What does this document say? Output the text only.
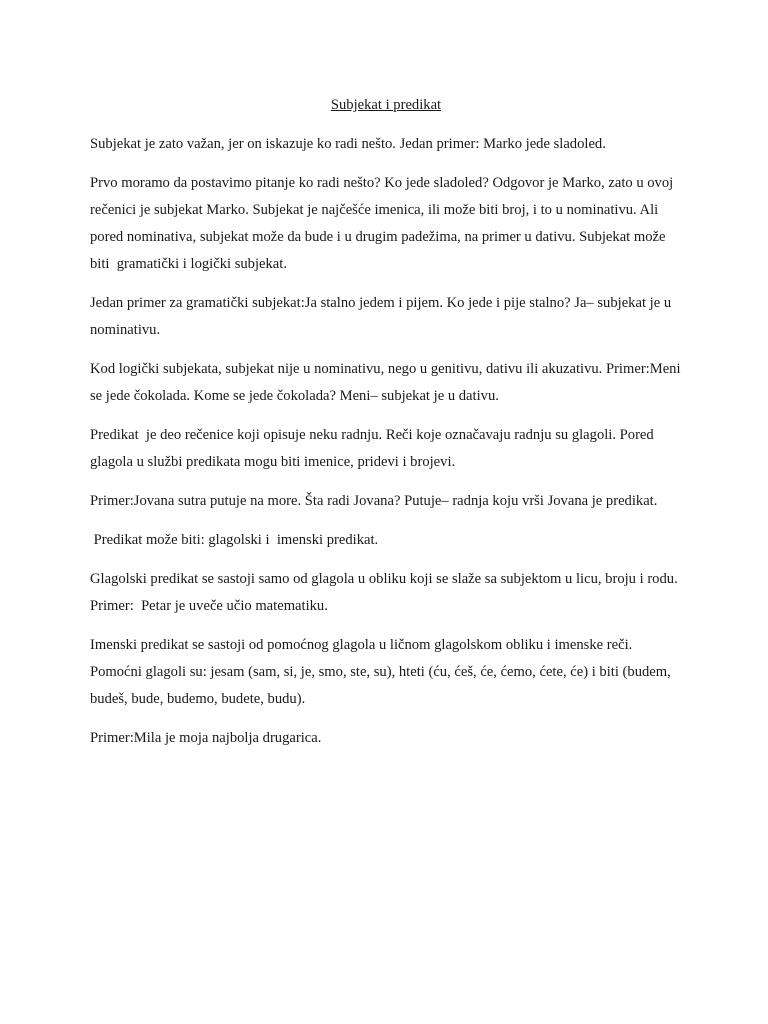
Subjekat i predikat

Subjekat je zato važan, jer on iskazuje ko radi nešto. Jedan primer: Marko jede sladoled.

Prvo moramo da postavimo pitanje ko radi nešto? Ko jede sladoled? Odgovor je Marko, zato u ovoj rečenici je subjekat Marko. Subjekat je najčešće imenica, ili može biti broj, i to u nominativu. Ali pored nominativa, subjekat može da bude i u drugim padežima, na primer u dativu. Subjekat može biti  gramatički i logički subjekat.

Jedan primer za gramatički subjekat:Ja stalno jedem i pijem. Ko jede i pije stalno? Ja– subjekat je u nominativu.

Kod logički subjekata, subjekat nije u nominativu, nego u genitivu, dativu ili akuzativu. Primer:Meni se jede čokolada. Kome se jede čokolada? Meni– subjekat je u dativu.

Predikat  je deo rečenice koji opisuje neku radnju. Reči koje označavaju radnju su glagoli. Pored glagola u službi predikata mogu biti imenice, pridevi i brojevi.

Primer:Jovana sutra putuje na more. Šta radi Jovana? Putuje– radnja koju vrši Jovana je predikat.

Predikat može biti: glagolski i  imenski predikat.

Glagolski predikat se sastoji samo od glagola u obliku koji se slaže sa subjektom u licu, broju i rodu. Primer:  Petar je uveče učio matematiku.

Imenski predikat se sastoji od pomoćnog glagola u ličnom glagolskom obliku i imenske reči. Pomoćni glagoli su: jesam (sam, si, je, smo, ste, su), hteti (ću, ćeš, će, ćemo, ćete, će) i biti (budem, budeš, bude, budemo, budete, budu).

Primer:Mila je moja najbolja drugarica.
